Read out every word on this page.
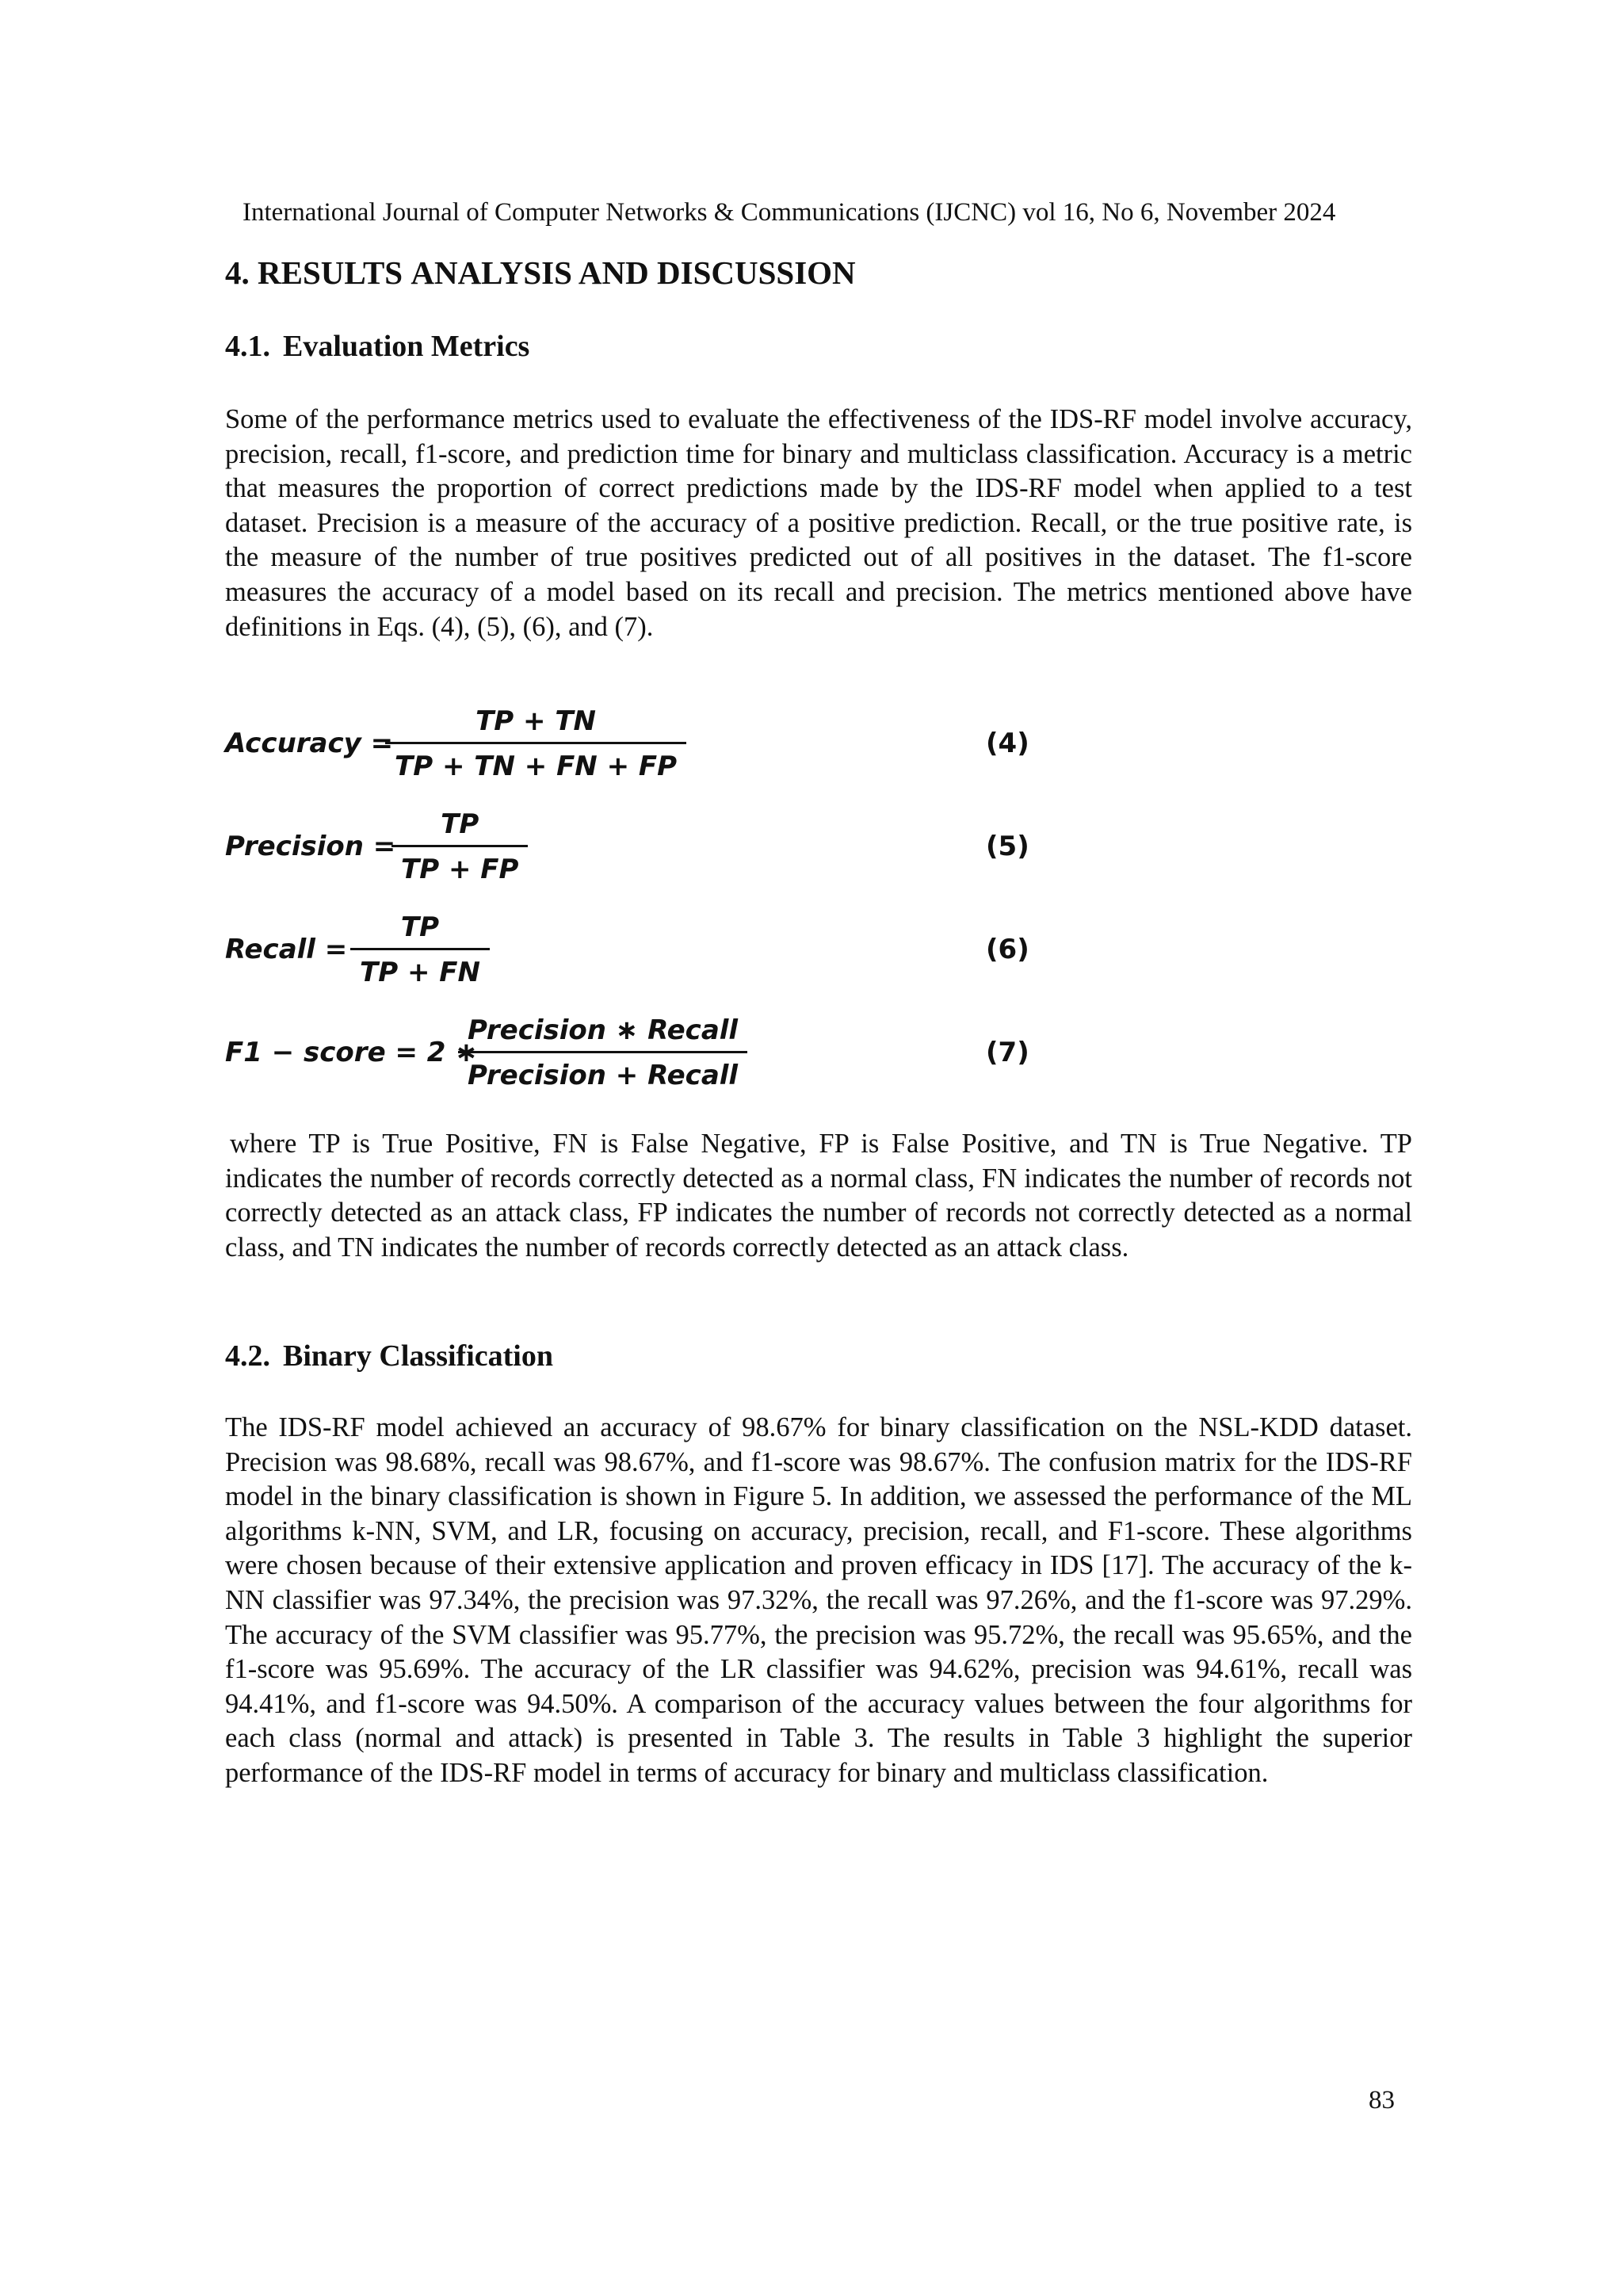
International Journal of Computer Networks & Communications (IJCNC) vol 16, No 6, November 2024
4. RESULTS ANALYSIS AND DISCUSSION
4.1. Evaluation Metrics

Some of the performance metrics used to evaluate the effectiveness of the IDS-RF model involve accuracy, precision, recall, f1-score, and prediction time for binary and multiclass classification. Accuracy is a metric that measures the proportion of correct predictions made by the IDS-RF model when applied to a test dataset. Precision is a measure of the accuracy of a positive prediction. Recall, or the true positive rate, is the measure of the number of true positives predicted out of all positives in the dataset. The f1-score measures the accuracy of a model based on its recall and precision. The metrics mentioned above have definitions in Eqs. (4), (5), (6), and (7).

Accuracy =
$\frac{TP + TN}{TP + TN + FN + FP}$	(4)
Precision =
$\frac{TP}{TP + FP}$	(5)
Recall = $\frac{TP}{TP + FN}$	(6)
F1 − score = 2 ∗
Precision ∗ Recall
Precision + Recall
(7)

where TP is True Positive, FN is False Negative, FP is False Positive, and TN is True Negative. TP indicates the number of records correctly detected as a normal class, FN indicates the number of records not correctly detected as an attack class, FP indicates the number of records not correctly detected as a normal class, and TN indicates the number of records correctly detected as an attack class.

4.2. Binary Classification

The IDS-RF model achieved an accuracy of 98.67% for binary classification on the NSL-KDD dataset. Precision was 98.68%, recall was 98.67%, and f1-score was 98.67%. The confusion matrix for the IDS-RF model in the binary classification is shown in Figure 5. In addition, we assessed the performance of the ML algorithms k-NN, SVM, and LR, focusing on accuracy, precision, recall, and F1-score. These algorithms were chosen because of their extensive application and proven efficacy in IDS [17]. The accuracy of the k-NN classifier was 97.34%, the precision was 97.32%, the recall was 97.26%, and the f1-score was 97.29%. The accuracy of the SVM classifier was 95.77%, the precision was 95.72%, the recall was 95.65%, and the f1-score was 95.69%. The accuracy of the LR classifier was 94.62%, precision was 94.61%, recall was 94.41%, and f1-score was 94.50%. A comparison of the accuracy values between the four algorithms for each class (normal and attack) is presented in Table 3. The results in Table 3 highlight the superior performance of the IDS-RF model in terms of accuracy for binary and multiclass classification.

83
